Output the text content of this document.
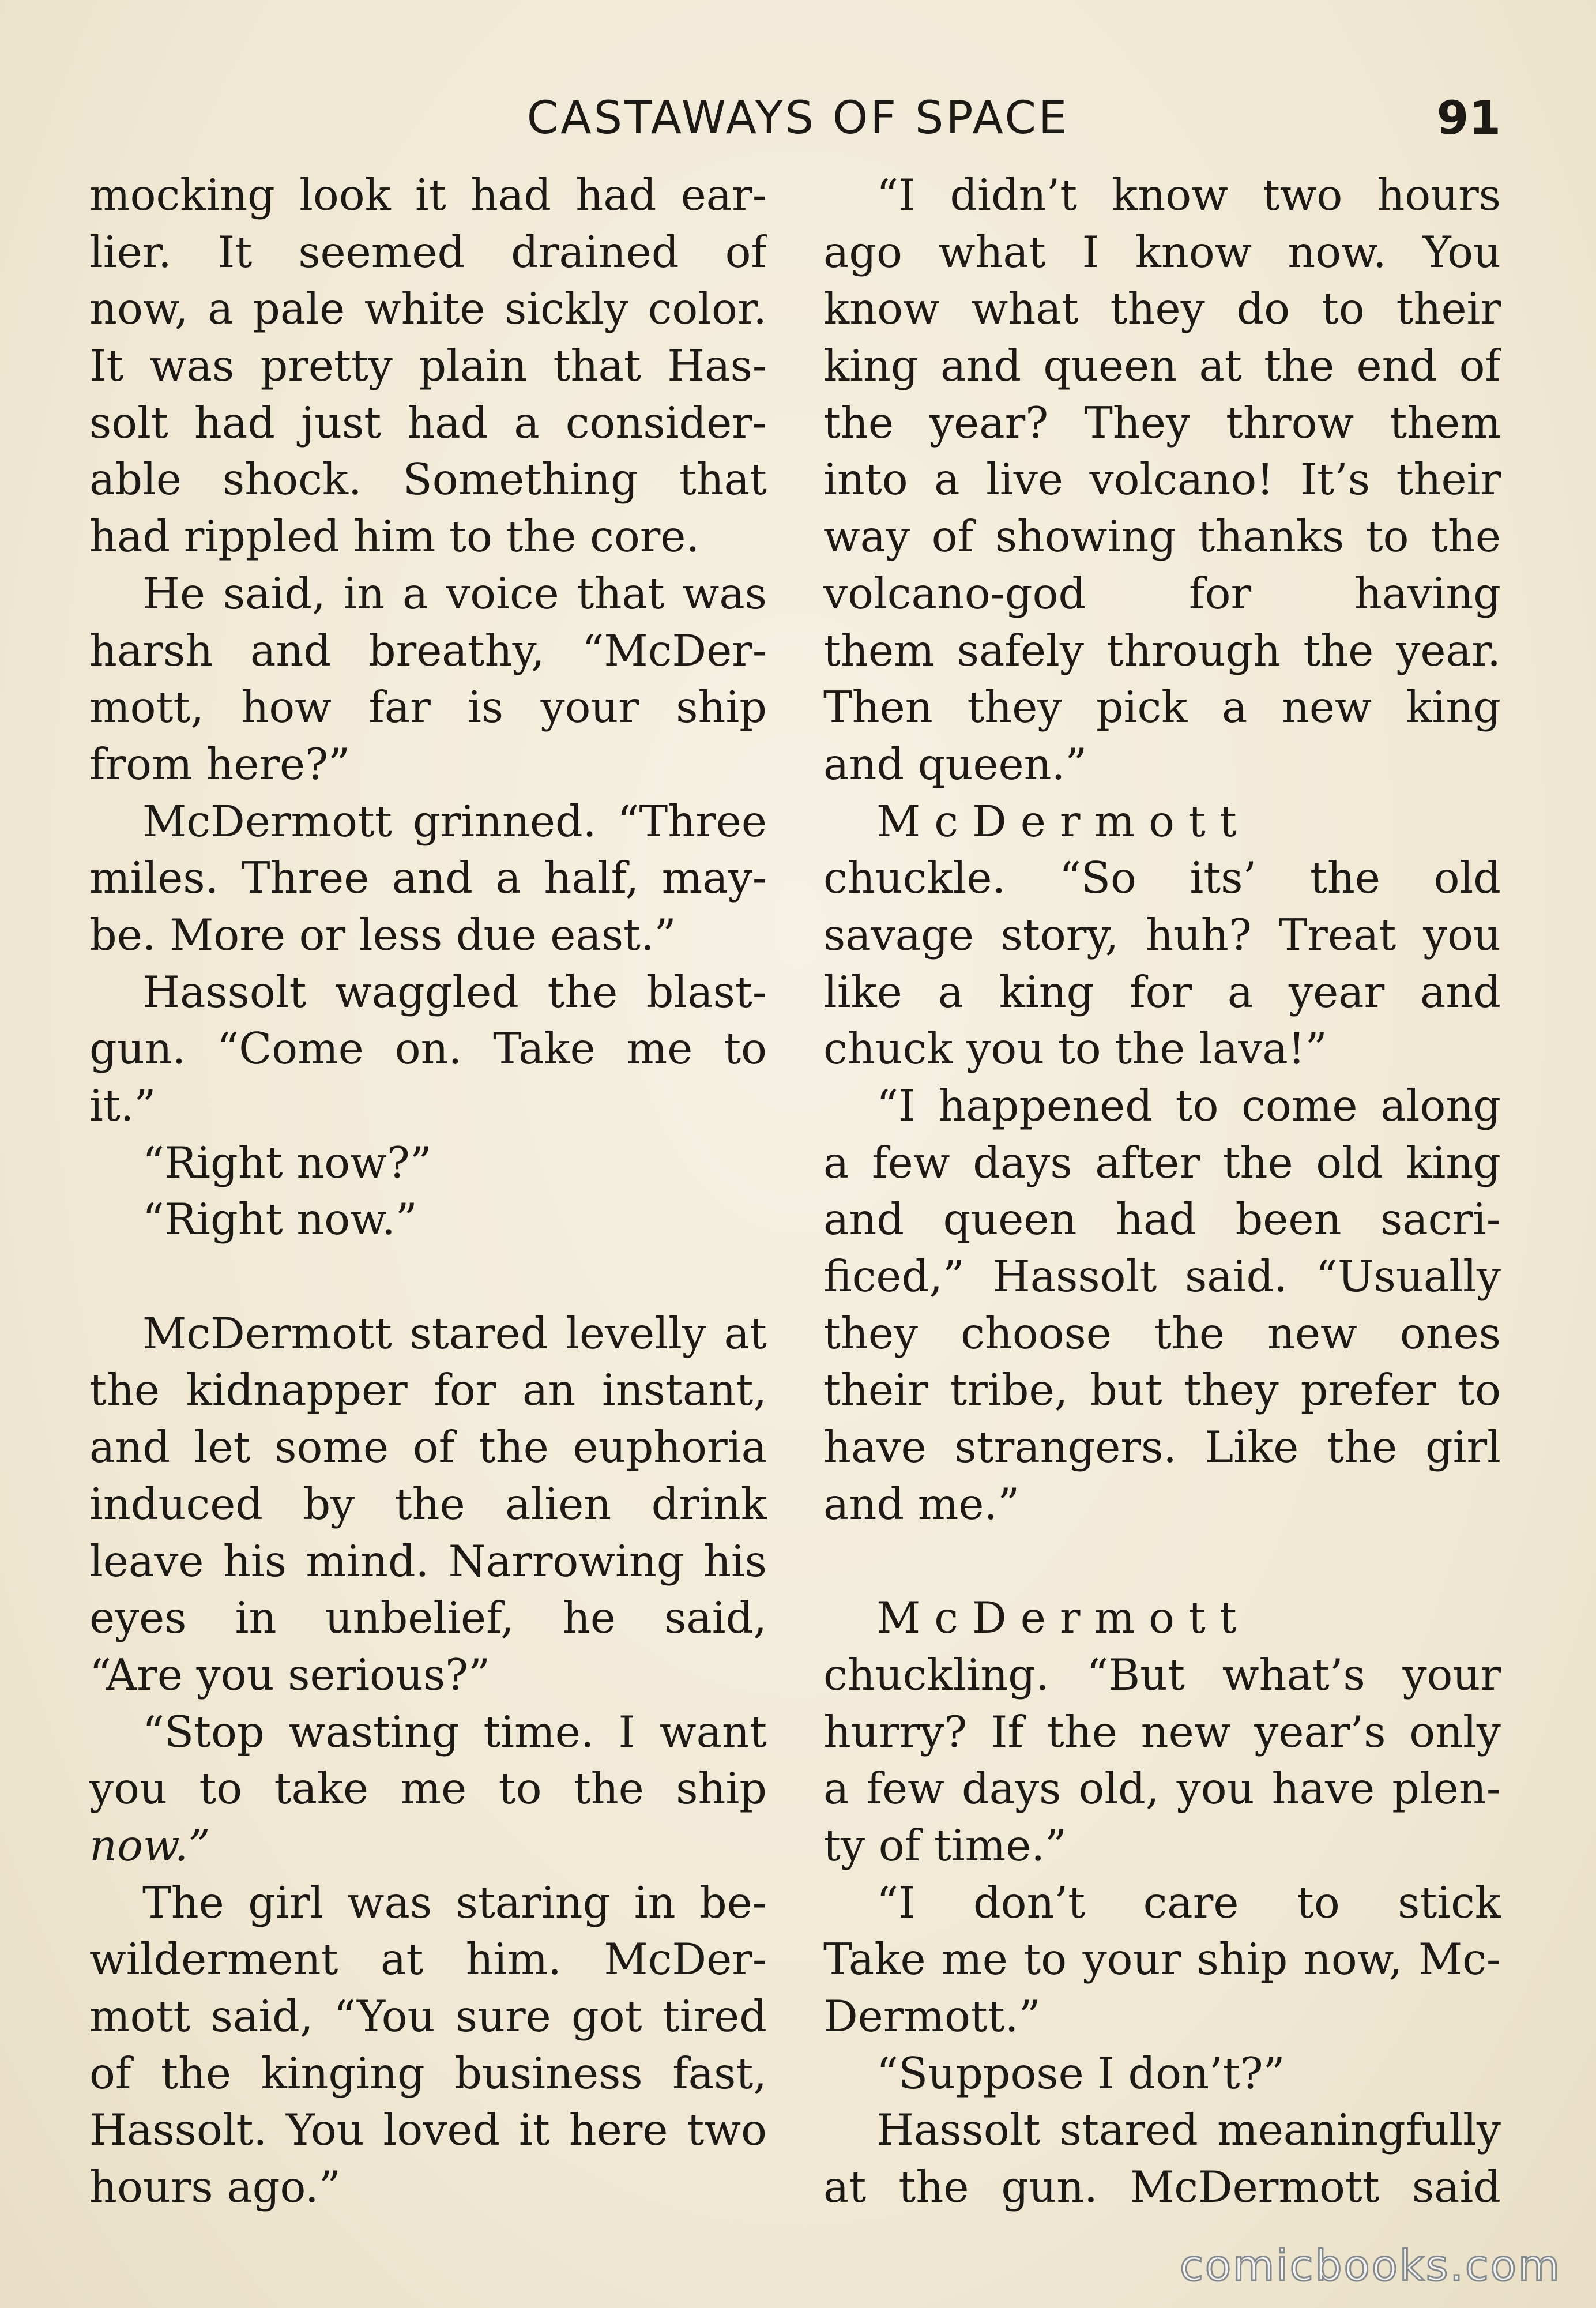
CASTAWAYS OF SPACE	91
mocking look it had had ear-
lier. It seemed drained of
now, a pale white sickly color.
It was pretty plain that Has-
solt had just had a consider-
able shock. Something that
had rippled him to the core.
He said, in a voice that was
harsh and breathy, “McDer-
mott, how far is your ship
from here?”
McDermott grinned. “Three
miles. Three and a half, may-
be. More or less due east.”
Hassolt waggled the blast-
gun. “Come on. Take me to
it.”
“Right now?”
“Right now.”
McDermott stared levelly at
the kidnapper for an instant,
and let some of the euphoria
induced by the alien drink
leave his mind. Narrowing his
eyes in unbelief, he said,
“Are you serious?”
“Stop wasting time. I want
you to take me to the ship
now.”
The girl was staring in be-
wilderment at him. McDer-
mott said, “You sure got tired
of the kinging business fast,
Hassolt. You loved it here two
hours ago.”
“I didn’t know two hours
ago what I know now. You
know what they do to their
king and queen at the end of
the year? They throw them
into a live volcano! It’s their
way of showing thanks to the
volcano-god for having
them safely through the year.
Then they pick a new king
and queen.”
McDermott
chuckle. “So its’ the old
savage story, huh? Treat you
like a king for a year and
chuck you to the lava!”
“I happened to come along
a few days after the old king
and queen had been sacri-
ficed,” Hassolt said. “Usually
they choose the new ones
their tribe, but they prefer to
have strangers. Like the girl
and me.”
McDermott
chuckling. “But what’s your
hurry? If the new year’s only
a few days old, you have plen-
ty of time.”
“I don’t care to stick
Take me to your ship now, Mc-
Dermott.”
“Suppose I don’t?”
Hassolt stared meaningfully
at the gun. McDermott said
comicbooks.com
